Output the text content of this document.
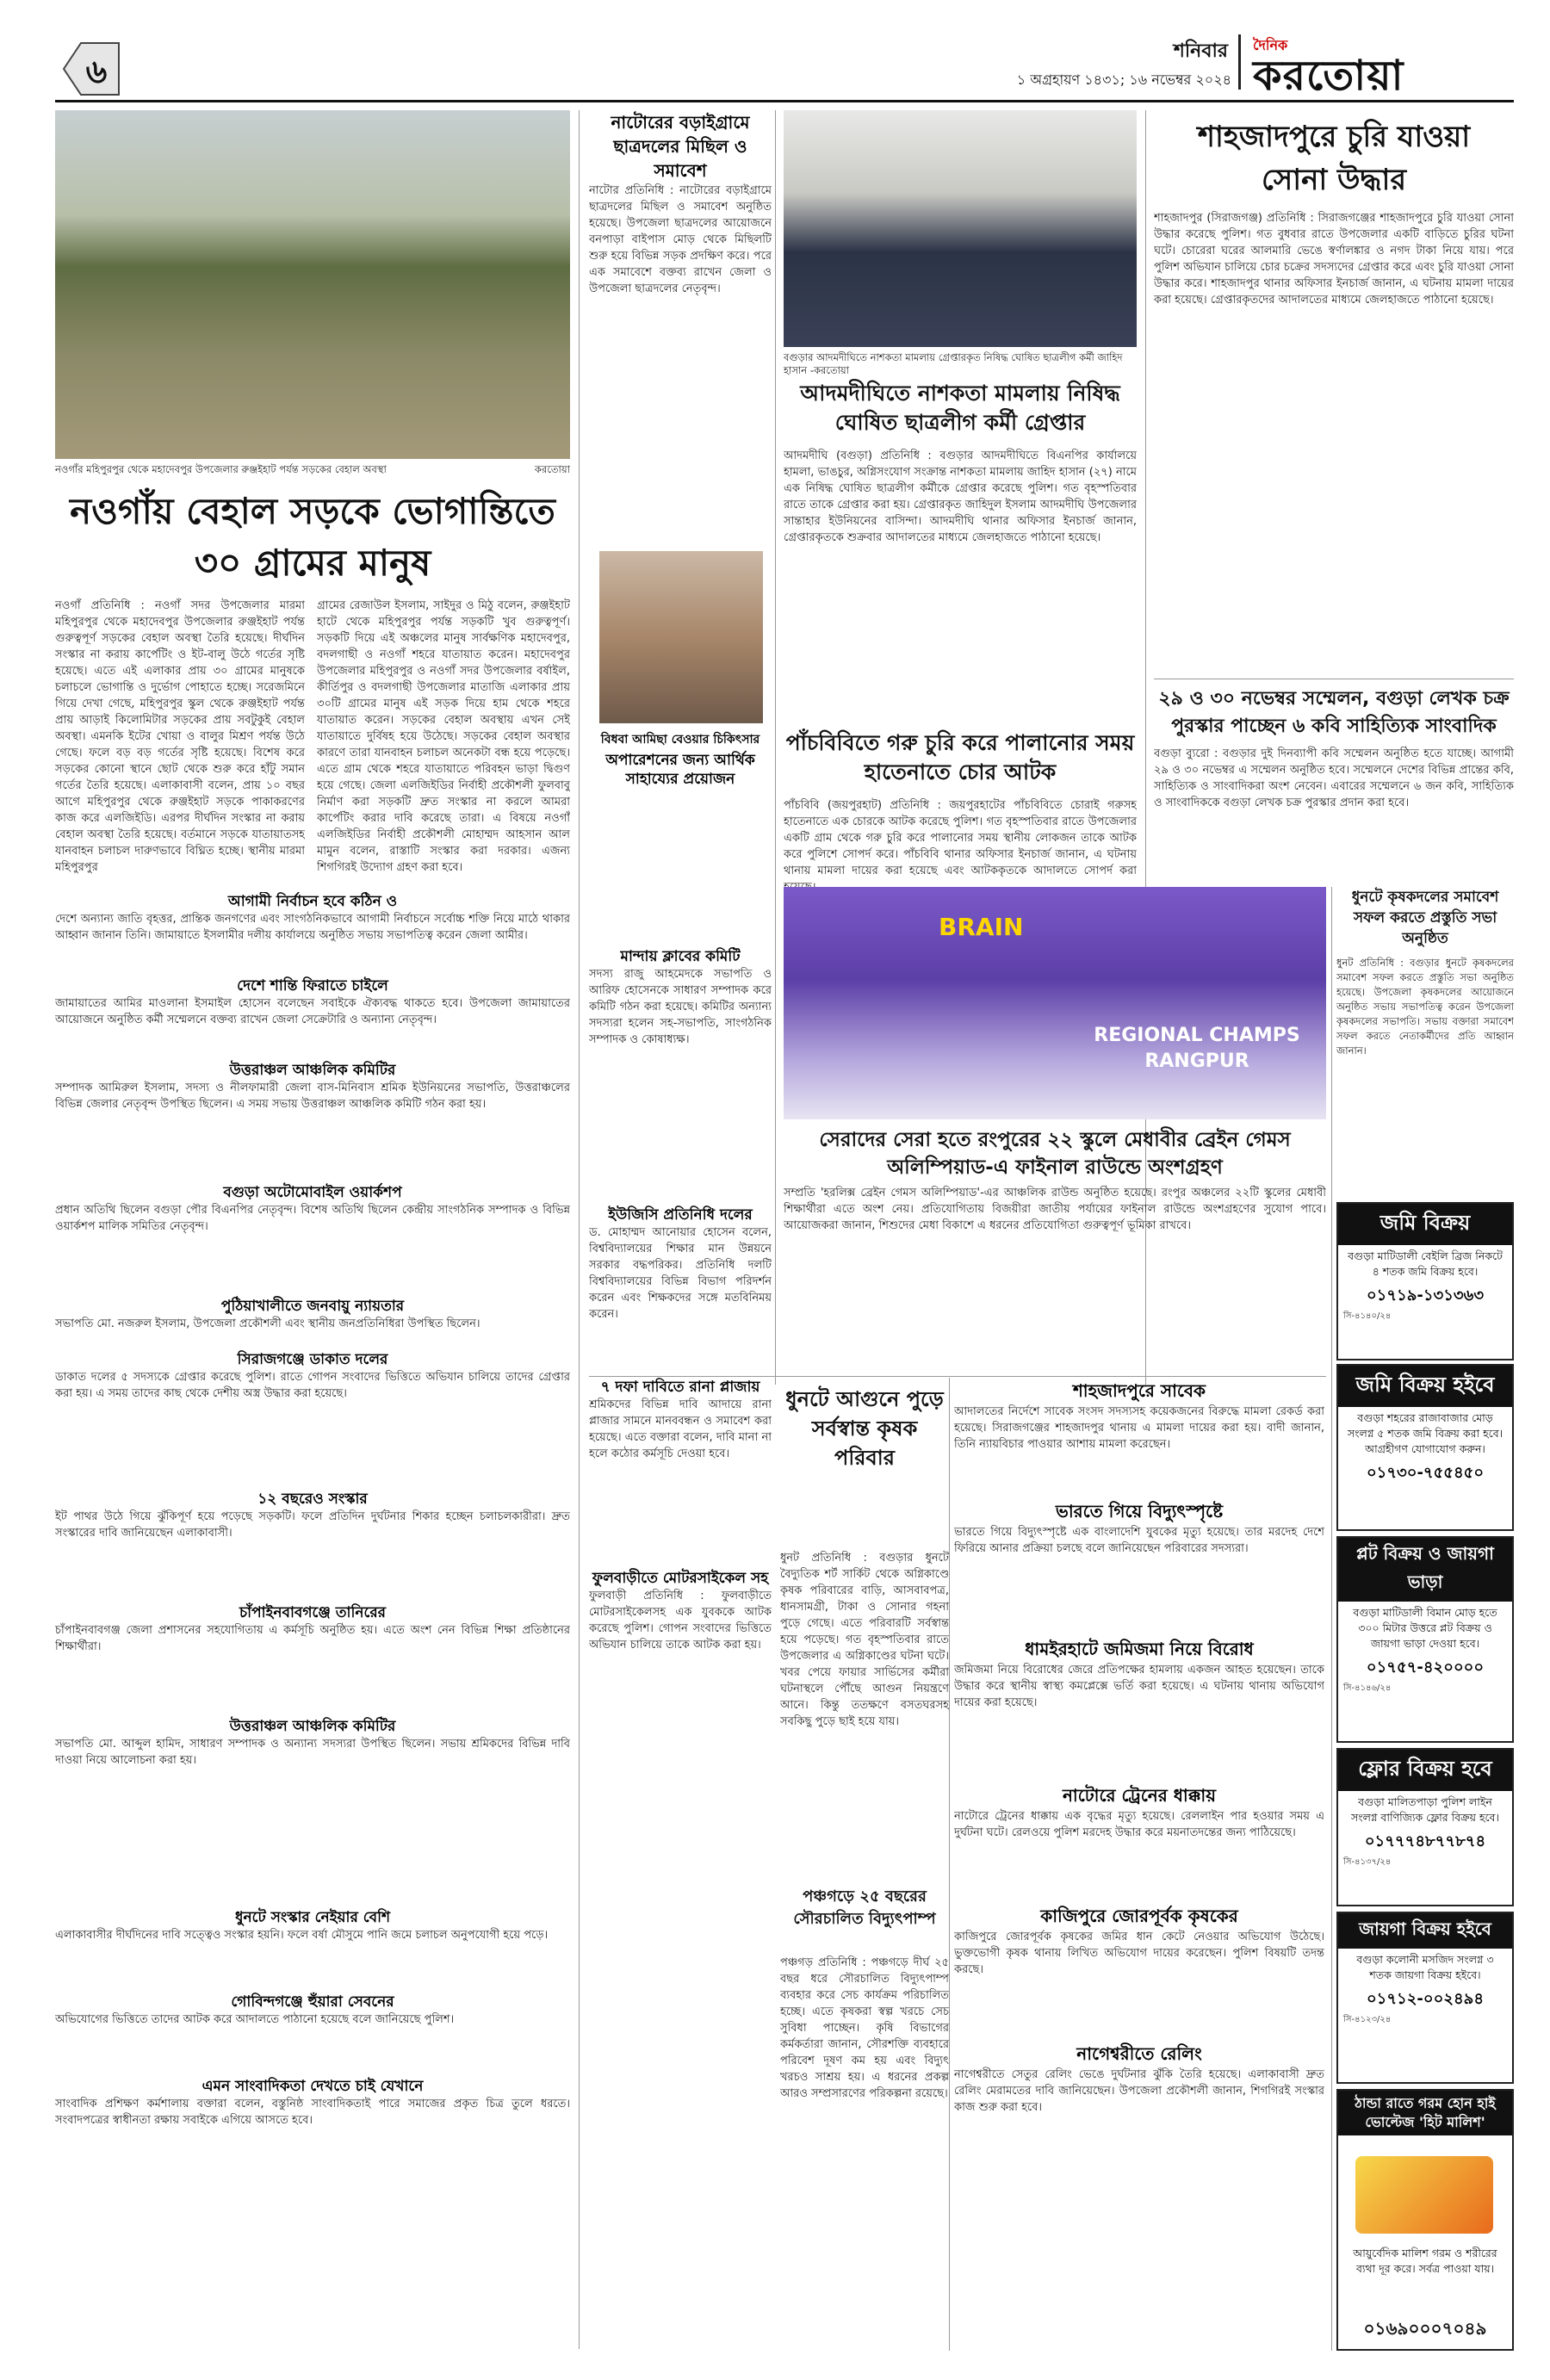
৬
শনিবার
১ অগ্রহায়ণ ১৪৩১; ১৬ নভেম্বর ২০২৪
দৈনিক
করতোয়া
নওগাঁর মহিপুরপুর থেকে মহাদেবপুর উপজেলার রুঞ্জইহাট পর্যন্ত সড়কের বেহাল অবস্থা	করতোয়া
নওগাঁয় বেহাল সড়কে ভোগান্তিতে
৩০ গ্রামের মানুষ
নওগাঁ প্রতিনিধি : নওগাঁ সদর উপজেলার মারমা মহিপুরপুর থেকে মহাদেবপুর উপজেলার রুঞ্জইহাট পর্যন্ত গুরুত্বপূর্ণ সড়কের বেহাল অবস্থা তৈরি হয়েছে। দীর্ঘদিন সংস্কার না করায় কার্পেটিং ও ইট-বালু উঠে গর্তের সৃষ্টি হয়েছে। এতে এই এলাকার প্রায় ৩০ গ্রামের মানুষকে চলাচলে ভোগান্তি ও দুর্ভোগ পোহাতে হচ্ছে। সরেজমিনে গিয়ে দেখা গেছে, মহিপুরপুর স্কুল থেকে রুঞ্জইহাট পর্যন্ত প্রায় আড়াই কিলোমিটার সড়কের প্রায় সবটুকুই বেহাল অবস্থা। এমনকি ইটের খোয়া ও বালুর মিশ্রণ পর্যন্ত উঠে গেছে। ফলে বড় বড় গর্তের সৃষ্টি হয়েছে। বিশেষ করে সড়কের কোনো স্থানে ছোট থেকে শুরু করে হাঁটু সমান গর্তের তৈরি হয়েছে। এলাকাবাসী বলেন, প্রায় ১০ বছর আগে মহিপুরপুর থেকে রুঞ্জইহাট সড়কে পাকাকরণের কাজ করে এলজিইডি। এরপর দীর্ঘদিন সংস্কার না করায় বেহাল অবস্থা তৈরি হয়েছে। বর্তমানে সড়কে যাতায়াতসহ যানবাহন চলাচল দারুণভাবে বিঘ্নিত হচ্ছে। স্থানীয় মারমা মহিপুরপুর
গ্রামের রেজাউল ইসলাম, সাইদুর ও মিঠু বলেন, রুঞ্জইহাট হাটে থেকে মহিপুরপুর পর্যন্ত সড়কটি খুব গুরুত্বপূর্ণ। সড়কটি দিয়ে এই অঞ্চলের মানুষ সার্বক্ষণিক মহাদেবপুর, বদলগাছী ও নওগাঁ শহরে যাতায়াত করেন। মহাদেবপুর উপজেলার মহিপুরপুর ও নওগাঁ সদর উপজেলার বর্ষাইল, কীর্তিপুর ও বদলগাছী উপজেলার মাতাজি এলাকার প্রায় ৩০টি গ্রামের মানুষ এই সড়ক দিয়ে হাম থেকে শহরে যাতায়াত করেন। সড়কের বেহাল অবস্থায় এখন সেই যাতায়াতে দুর্বিষহ হয়ে উঠেছে। সড়কের বেহাল অবস্থার কারণে তারা যানবাহন চলাচল অনেকটা বন্ধ হয়ে পড়েছে। এতে গ্রাম থেকে শহরে যাতায়াতে পরিবহন ভাড়া দ্বিগুণ হয়ে গেছে। জেলা এলজিইডির নির্বাহী প্রকৌশলী ফুলবাবু নির্মাণ করা সড়কটি দ্রুত সংস্কার না করলে আমরা কার্পেটিং করার দাবি করেছে তারা। এ বিষয়ে নওগাঁ এলজিইডির নির্বাহী প্রকৌশলী মোহাম্মদ আহসান আল মামুন বলেন, রাস্তাটি সংস্কার করা দরকার। এজন্য শিগগিরই উদ্যোগ গ্রহণ করা হবে।
আগামী নির্বাচন হবে কঠিন ও
দেশে অন্যান্য জাতি বৃহত্তর, প্রান্তিক জনগণের এবং সাংগঠনিকভাবে আগামী নির্বাচনে সর্বোচ্চ শক্তি নিয়ে মাঠে থাকার আহ্বান জানান তিনি। জামায়াতে ইসলামীর দলীয় কার্যালয়ে অনুষ্ঠিত সভায় সভাপতিত্ব করেন জেলা আমীর।
দেশে শান্তি ফিরাতে চাইলে
জামায়াতের আমির মাওলানা ইসমাইল হোসেন বলেছেন সবাইকে ঐক্যবদ্ধ থাকতে হবে। উপজেলা জামায়াতের আয়োজনে অনুষ্ঠিত কর্মী সম্মেলনে বক্তব্য রাখেন জেলা সেক্রেটারি ও অন্যান্য নেতৃবৃন্দ।
উত্তরাঞ্চল আঞ্চলিক কমিটির
সম্পাদক আমিরুল ইসলাম, সদস্য ও নীলফামারী জেলা বাস-মিনিবাস শ্রমিক ইউনিয়নের সভাপতি, উত্তরাঞ্চলের বিভিন্ন জেলার নেতৃবৃন্দ উপস্থিত ছিলেন। এ সময় সভায় উত্তরাঞ্চল আঞ্চলিক কমিটি গঠন করা হয়।
বগুড়া অটোমোবাইল ওয়ার্কশপ
প্রধান অতিথি ছিলেন বগুড়া পৌর বিএনপির নেতৃবৃন্দ। বিশেষ অতিথি ছিলেন কেন্দ্রীয় সাংগঠনিক সম্পাদক ও বিভিন্ন ওয়ার্কশপ মালিক সমিতির নেতৃবৃন্দ।
পুঠিয়াখালীতে জনবায়ু ন্যায়তার
সভাপতি মো. নজরুল ইসলাম, উপজেলা প্রকৌশলী এবং স্থানীয় জনপ্রতিনিধিরা উপস্থিত ছিলেন।
সিরাজগঞ্জে ডাকাত দলের
ডাকাত দলের ৫ সদস্যকে গ্রেপ্তার করেছে পুলিশ। রাতে গোপন সংবাদের ভিত্তিতে অভিযান চালিয়ে তাদের গ্রেপ্তার করা হয়। এ সময় তাদের কাছ থেকে দেশীয় অস্ত্র উদ্ধার করা হয়েছে।
১২ বছরেও সংস্কার
ইট পাথর উঠে গিয়ে ঝুঁকিপূর্ণ হয়ে পড়েছে সড়কটি। ফলে প্রতিদিন দুর্ঘটনার শিকার হচ্ছেন চলাচলকারীরা। দ্রুত সংস্কারের দাবি জানিয়েছেন এলাকাবাসী।
চাঁপাইনবাবগঞ্জে তানিরের
চাঁপাইনবাবগঞ্জ জেলা প্রশাসনের সহযোগিতায় এ কর্মসূচি অনুষ্ঠিত হয়। এতে অংশ নেন বিভিন্ন শিক্ষা প্রতিষ্ঠানের শিক্ষার্থীরা।
উত্তরাঞ্চল আঞ্চলিক কমিটির
সভাপতি মো. আব্দুল হামিদ, সাধারণ সম্পাদক ও অন্যান্য সদস্যরা উপস্থিত ছিলেন। সভায় শ্রমিকদের বিভিন্ন দাবি দাওয়া নিয়ে আলোচনা করা হয়।
ধুনটে সংস্কার নেইয়ার বেশি
এলাকাবাসীর দীর্ঘদিনের দাবি সত্ত্বেও সংস্কার হয়নি। ফলে বর্ষা মৌসুমে পানি জমে চলাচল অনুপযোগী হয়ে পড়ে।
গোবিন্দগঞ্জে হুঁয়ারা সেবনের
অভিযোগের ভিত্তিতে তাদের আটক করে আদালতে পাঠানো হয়েছে বলে জানিয়েছে পুলিশ।
এমন সাংবাদিকতা দেখতে চাই যেখানে
সাংবাদিক প্রশিক্ষণ কর্মশালায় বক্তারা বলেন, বস্তুনিষ্ঠ সাংবাদিকতাই পারে সমাজের প্রকৃত চিত্র তুলে ধরতে। সংবাদপত্রের স্বাধীনতা রক্ষায় সবাইকে এগিয়ে আসতে হবে।
নাটোরের বড়াইগ্রামে ছাত্রদলের মিছিল ও সমাবেশ
নাটোর প্রতিনিধি : নাটোরের বড়াইগ্রামে ছাত্রদলের মিছিল ও সমাবেশ অনুষ্ঠিত হয়েছে। উপজেলা ছাত্রদলের আয়োজনে বনপাড়া বাইপাস মোড় থেকে মিছিলটি শুরু হয়ে বিভিন্ন সড়ক প্রদক্ষিণ করে। পরে এক সমাবেশে বক্তব্য রাখেন জেলা ও উপজেলা ছাত্রদলের নেতৃবৃন্দ।
বিধবা আমিছা বেওয়ার চিকিৎসার
অপারেশনের জন্য আর্থিক সাহায্যের প্রয়োজন
মান্দায় ক্লাবের কমিটি
সদস্য রাজু আহমেদকে সভাপতি ও আরিফ হোসেনকে সাধারণ সম্পাদক করে কমিটি গঠন করা হয়েছে। কমিটির অন্যান্য সদস্যরা হলেন সহ-সভাপতি, সাংগঠনিক সম্পাদক ও কোষাধ্যক্ষ।
বগুড়ার আদমদীঘিতে নাশকতা মামলায় গ্রেপ্তারকৃত নিষিদ্ধ ঘোষিত ছাত্রলীগ কর্মী জাহিদ হাসান -করতোয়া
আদমদীঘিতে নাশকতা মামলায় নিষিদ্ধ ঘোষিত ছাত্রলীগ কর্মী গ্রেপ্তার
আদমদীঘি (বগুড়া) প্রতিনিধি : বগুড়ার আদমদীঘিতে বিএনপির কার্যালয়ে হামলা, ভাঙচুর, অগ্নিসংযোগ সংক্রান্ত নাশকতা মামলায় জাহিদ হাসান (২৭) নামে এক নিষিদ্ধ ঘোষিত ছাত্রলীগ কর্মীকে গ্রেপ্তার করেছে পুলিশ। গত বৃহস্পতিবার রাতে তাকে গ্রেপ্তার করা হয়। গ্রেপ্তারকৃত জাহিদুল ইসলাম আদমদীঘি উপজেলার সান্তাহার ইউনিয়নের বাসিন্দা। আদমদীঘি থানার অফিসার ইনচার্জ জানান, গ্রেপ্তারকৃতকে শুক্রবার আদালতের মাধ্যমে জেলহাজতে পাঠানো হয়েছে।
পাঁচবিবিতে গরু চুরি করে পালানোর সময় হাতেনাতে চোর আটক
পাঁচবিবি (জয়পুরহাট) প্রতিনিধি : জয়পুরহাটের পাঁচবিবিতে চোরাই গরুসহ হাতেনাতে এক চোরকে আটক করেছে পুলিশ। গত বৃহস্পতিবার রাতে উপজেলার একটি গ্রাম থেকে গরু চুরি করে পালানোর সময় স্থানীয় লোকজন তাকে আটক করে পুলিশে সোপর্দ করে। পাঁচবিবি থানার অফিসার ইনচার্জ জানান, এ ঘটনায় থানায় মামলা দায়ের করা হয়েছে এবং আটককৃতকে আদালতে সোপর্দ করা
ইউজিসি প্রতিনিধি দলের
ড. মোহাম্মদ আনোয়ার হোসেন বলেন, বিশ্ববিদ্যালয়ের শিক্ষার মান উন্নয়নে সরকার বদ্ধপরিকর। প্রতিনিধি দলটি বিশ্ববিদ্যালয়ের বিভিন্ন বিভাগ পরিদর্শন করেন এবং শিক্ষকদের সঙ্গে মতবিনিময় করেন।
শাহজাদপুরে চুরি যাওয়া
সোনা উদ্ধার
শাহজাদপুর (সিরাজগঞ্জ) প্রতিনিধি : সিরাজগঞ্জের শাহজাদপুরে চুরি যাওয়া সোনা উদ্ধার করেছে পুলিশ। গত বুধবার রাতে উপজেলার একটি বাড়িতে চুরির ঘটনা ঘটে। চোরেরা ঘরের আলমারি ভেঙে স্বর্ণালঙ্কার ও নগদ টাকা নিয়ে যায়। পরে পুলিশ অভিযান চালিয়ে চোর চক্রের সদস্যদের গ্রেপ্তার করে এবং চুরি যাওয়া সোনা উদ্ধার করে। শাহজাদপুর থানার অফিসার ইনচার্জ জানান, এ ঘটনায় মামলা দায়ের করা হয়েছে। গ্রেপ্তারকৃতদের আদালতের মাধ্যমে জেলহাজতে পাঠানো হয়েছে।
২৯ ও ৩০ নভেম্বর সম্মেলন, বগুড়া লেখক চক্র পুরস্কার পাচ্ছেন ৬ কবি সাহিত্যিক সাংবাদিক
বগুড়া ব্যুরো : বগুড়ার দুই দিনব্যাপী কবি সম্মেলন অনুষ্ঠিত হতে যাচ্ছে। আগামী ২৯ ও ৩০ নভেম্বর এ সম্মেলন অনুষ্ঠিত হবে। সম্মেলনে দেশের বিভিন্ন প্রান্তের কবি, সাহিত্যিক ও সাংবাদিকরা অংশ নেবেন। এবারের সম্মেলনে ৬ জন কবি, সাহিত্যিক ও সাংবাদিককে বগুড়া লেখক চক্র পুরস্কার প্রদান করা হবে।
BRAIN
REGIONAL CHAMPS
RANGPUR
সেরাদের সেরা হতে রংপুরের ২২ স্কুলে মেধাবীর ব্রেইন গেমস অলিম্পিয়াড-এ ফাইনাল রাউন্ডে অংশগ্রহণ
সম্প্রতি 'হরলিক্স ব্রেইন গেমস অলিম্পিয়াড'-এর আঞ্চলিক রাউন্ড অনুষ্ঠিত হয়েছে। রংপুর অঞ্চলের ২২টি স্কুলের মেধাবী শিক্ষার্থীরা এতে অংশ নেয়। প্রতিযোগিতায় বিজয়ীরা জাতীয় পর্যায়ের ফাইনাল রাউন্ডে অংশগ্রহণের সুযোগ পাবে। আয়োজকরা জানান, শিশুদের মেধা বিকাশে এ ধরনের প্রতিযোগিতা গুরুত্বপূর্ণ ভূমিকা রাখবে।
ধুনটে কৃষকদলের সমাবেশ সফল করতে প্রস্তুতি সভা অনুষ্ঠিত
ধুনট প্রতিনিধি : বগুড়ার ধুনটে কৃষকদলের সমাবেশ সফল করতে প্রস্তুতি সভা অনুষ্ঠিত হয়েছে। উপজেলা কৃষকদলের আয়োজনে অনুষ্ঠিত সভায় সভাপতিত্ব করেন উপজেলা কৃষকদলের সভাপতি। সভায় বক্তারা সমাবেশ সফল করতে নেতাকর্মীদের প্রতি আহ্বান জানান।
জমি বিক্রয়
বগুড়া মাটিডালী বেইলি ব্রিজ নিকটে ৪ শতক জমি বিক্রয় হবে।
০১৭১৯-১৩১৩৬৩
সি-৪১৪০/২৪
জমি বিক্রয় হইবে
বগুড়া শহরের রাজাবাজার মোড় সংলগ্ন ৫ শতক জমি বিক্রয় করা হবে। আগ্রহীগণ যোগাযোগ করুন।
০১৭৩০-৭৫৫৪৫০
প্লট বিক্রয় ও জায়গা ভাড়া
বগুড়া মাটিডালী বিমান মোড় হতে ৩০০ মিটার উত্তরে প্লট বিক্রয় ও জায়গা ভাড়া দেওয়া হবে।
০১৭৫৭-৪২০০০০
সি-৪১৪৬/২৪
ফ্লোর বিক্রয় হবে
বগুড়া মালিতপাড়া পুলিশ লাইন সংলগ্ন বাণিজ্যিক ফ্লোর বিক্রয় হবে।
০১৭৭৭৪৮৭৭৮৭৪
সি-৪১৩৭/২৪
জায়গা বিক্রয় হইবে
বগুড়া কলোনী মসজিদ সংলগ্ন ৩ শতক জায়গা বিক্রয় হইবে।
০১৭১২-০০২৪৯৪
সি-৪১২৩/২৪
ঠান্ডা রাতে গরম হোন হাই ভোল্টেজ 'হিট মালিশ'
আয়ুর্বেদিক মালিশ গরম ও শরীরের ব্যথা দূর করে। সর্বত্র পাওয়া যায়।
০১৬৯০০০৭০৪৯
শাহজাদপুরে সাবেক
আদালতের নির্দেশে সাবেক সংসদ সদস্যসহ কয়েকজনের বিরুদ্ধে মামলা রেকর্ড করা হয়েছে। সিরাজগঞ্জের শাহজাদপুর থানায় এ মামলা দায়ের করা হয়। বাদী জানান, তিনি ন্যায়বিচার পাওয়ার আশায় মামলা করেছেন।
ভারতে গিয়ে বিদ্যুৎস্পৃষ্টে
ভারতে গিয়ে বিদ্যুৎস্পৃষ্টে এক বাংলাদেশি যুবকের মৃত্যু হয়েছে। তার মরদেহ দেশে ফিরিয়ে আনার প্রক্রিয়া চলছে বলে জানিয়েছেন পরিবারের সদস্যরা।
ধামইরহাটে জমিজমা নিয়ে বিরোধ
জমিজমা নিয়ে বিরোধের জেরে প্রতিপক্ষের হামলায় একজন আহত হয়েছেন। তাকে উদ্ধার করে স্থানীয় স্বাস্থ্য কমপ্লেক্সে ভর্তি করা হয়েছে। এ ঘটনায় থানায় অভিযোগ দায়ের করা হয়েছে।
নাটোরে ট্রেনের ধাক্কায়
নাটোরে ট্রেনের ধাক্কায় এক বৃদ্ধের মৃত্যু হয়েছে। রেললাইন পার হওয়ার সময় এ দুর্ঘটনা ঘটে। রেলওয়ে পুলিশ মরদেহ উদ্ধার করে ময়নাতদন্তের জন্য পাঠিয়েছে।
কাজিপুরে জোরপূর্বক কৃষকের
কাজিপুরে জোরপূর্বক কৃষকের জমির ধান কেটে নেওয়ার অভিযোগ উঠেছে। ভুক্তভোগী কৃষক থানায় লিখিত অভিযোগ দায়ের করেছেন। পুলিশ বিষয়টি তদন্ত করছে।
নাগেশ্বরীতে রেলিং
নাগেশ্বরীতে সেতুর রেলিং ভেঙে দুর্ঘটনার ঝুঁকি তৈরি হয়েছে। এলাকাবাসী দ্রুত রেলিং মেরামতের দাবি জানিয়েছেন। উপজেলা প্রকৌশলী জানান, শিগগিরই সংস্কার কাজ শুরু করা হবে।
৭ দফা দাবিতে রানা প্লাজায়
শ্রমিকদের বিভিন্ন দাবি আদায়ে রানা প্লাজার সামনে মানববন্ধন ও সমাবেশ করা হয়েছে। এতে বক্তারা বলেন, দাবি মানা না হলে কঠোর কর্মসূচি দেওয়া হবে।
ফুলবাড়ীতে মোটরসাইকেল সহ
ফুলবাড়ী প্রতিনিধি : ফুলবাড়ীতে মোটরসাইকেলসহ এক যুবককে আটক করেছে পুলিশ। গোপন সংবাদের ভিত্তিতে অভিযান চালিয়ে তাকে আটক করা হয়।
ধুনটে আগুনে পুড়ে সর্বস্বান্ত কৃষক পরিবার
ধুনট প্রতিনিধি : বগুড়ার ধুনটে বৈদ্যুতিক শর্ট সার্কিট থেকে অগ্নিকাণ্ডে কৃষক পরিবারের বাড়ি, আসবাবপত্র, ধানসামগ্রী, টাকা ও সোনার গহনা পুড়ে গেছে। এতে পরিবারটি সর্বস্বান্ত হয়ে পড়েছে। গত বৃহস্পতিবার রাতে উপজেলার এ অগ্নিকাণ্ডের ঘটনা ঘটে। খবর পেয়ে ফায়ার সার্ভিসের কর্মীরা ঘটনাস্থলে পৌঁছে আগুন নিয়ন্ত্রণে আনে। কিন্তু ততক্ষণে বসতঘরসহ সবকিছু পুড়ে ছাই হয়ে যায়।
পঞ্চগড়ে ২৫ বছরের সৌরচালিত বিদ্যুৎপাম্প
পঞ্চগড় প্রতিনিধি : পঞ্চগড়ে দীর্ঘ ২৫ বছর ধরে সৌরচালিত বিদ্যুৎপাম্প ব্যবহার করে সেচ কার্যক্রম পরিচালিত হচ্ছে। এতে কৃষকরা স্বল্প খরচে সেচ সুবিধা পাচ্ছেন। কৃষি বিভাগের কর্মকর্তারা জানান, সৌরশক্তি ব্যবহারে পরিবেশ দূষণ কম হয় এবং বিদ্যুৎ খরচও সাশ্রয় হয়। এ ধরনের প্রকল্প আরও সম্প্রসারণের পরিকল্পনা রয়েছে।
